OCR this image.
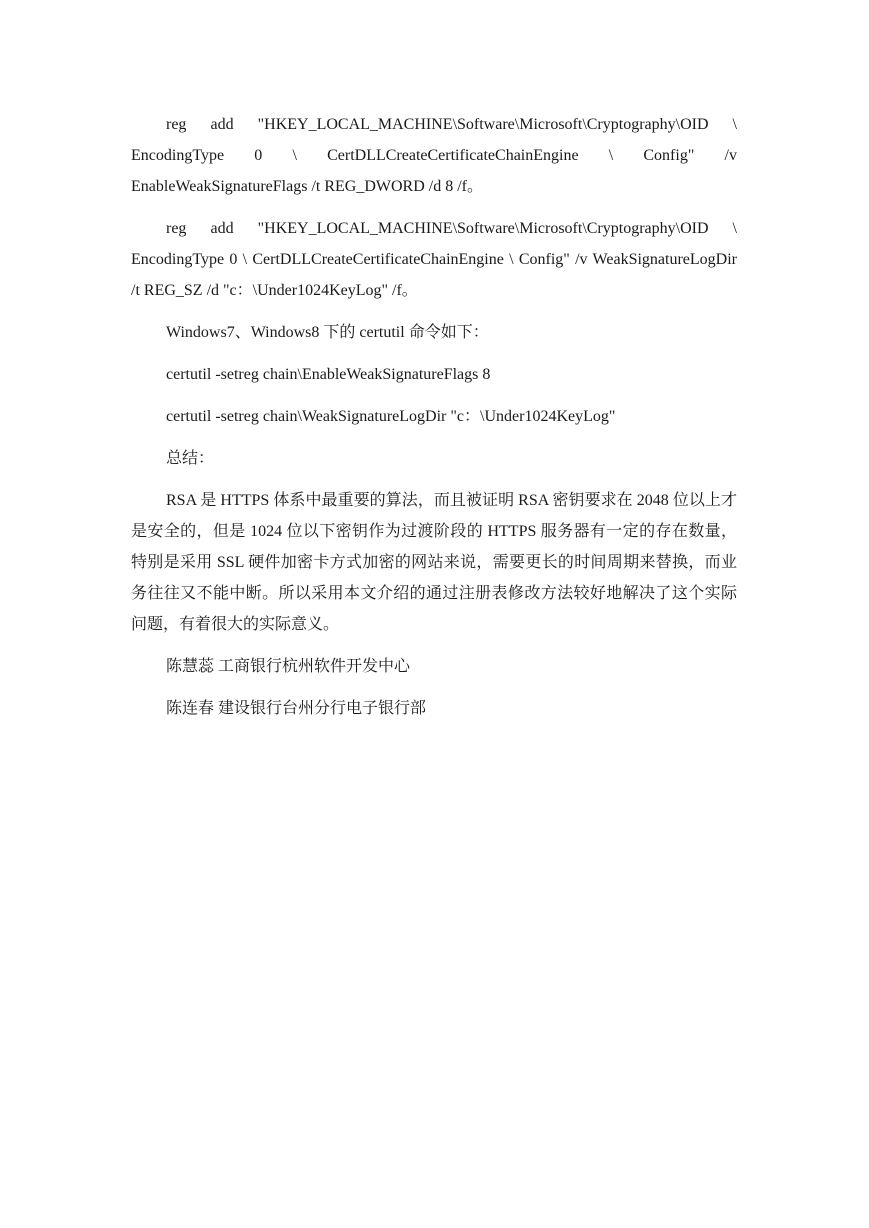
reg add "HKEY_LOCAL_MACHINE\Software\Microsoft\Cryptography\OID \ EncodingType 0 \ CertDLLCreateCertificateChainEngine \ Config" /v EnableWeakSignatureFlags /t REG_DWORD /d 8 /f。

reg add "HKEY_LOCAL_MACHINE\Software\Microsoft\Cryptography\OID \ EncodingType 0 \ CertDLLCreateCertificateChainEngine \ Config" /v WeakSignatureLogDir /t REG_SZ /d "c：\Under1024KeyLog" /f。

Windows7、Windows8 下的 certutil 命令如下：

certutil -setreg chain\EnableWeakSignatureFlags 8

certutil -setreg chain\WeakSignatureLogDir "c：\Under1024KeyLog"

总结：

RSA 是 HTTPS 体系中最重要的算法，而且被证明 RSA 密钥要求在 2048 位以上才是安全的，但是 1024 位以下密钥作为过渡阶段的 HTTPS 服务器有一定的存在数量，特别是采用 SSL 硬件加密卡方式加密的网站来说，需要更长的时间周期来替换，而业务往往又不能中断。所以采用本文介绍的通过注册表修改方法较好地解决了这个实际问题，有着很大的实际意义。

陈慧蕊 工商银行杭州软件开发中心

陈连春 建设银行台州分行电子银行部
